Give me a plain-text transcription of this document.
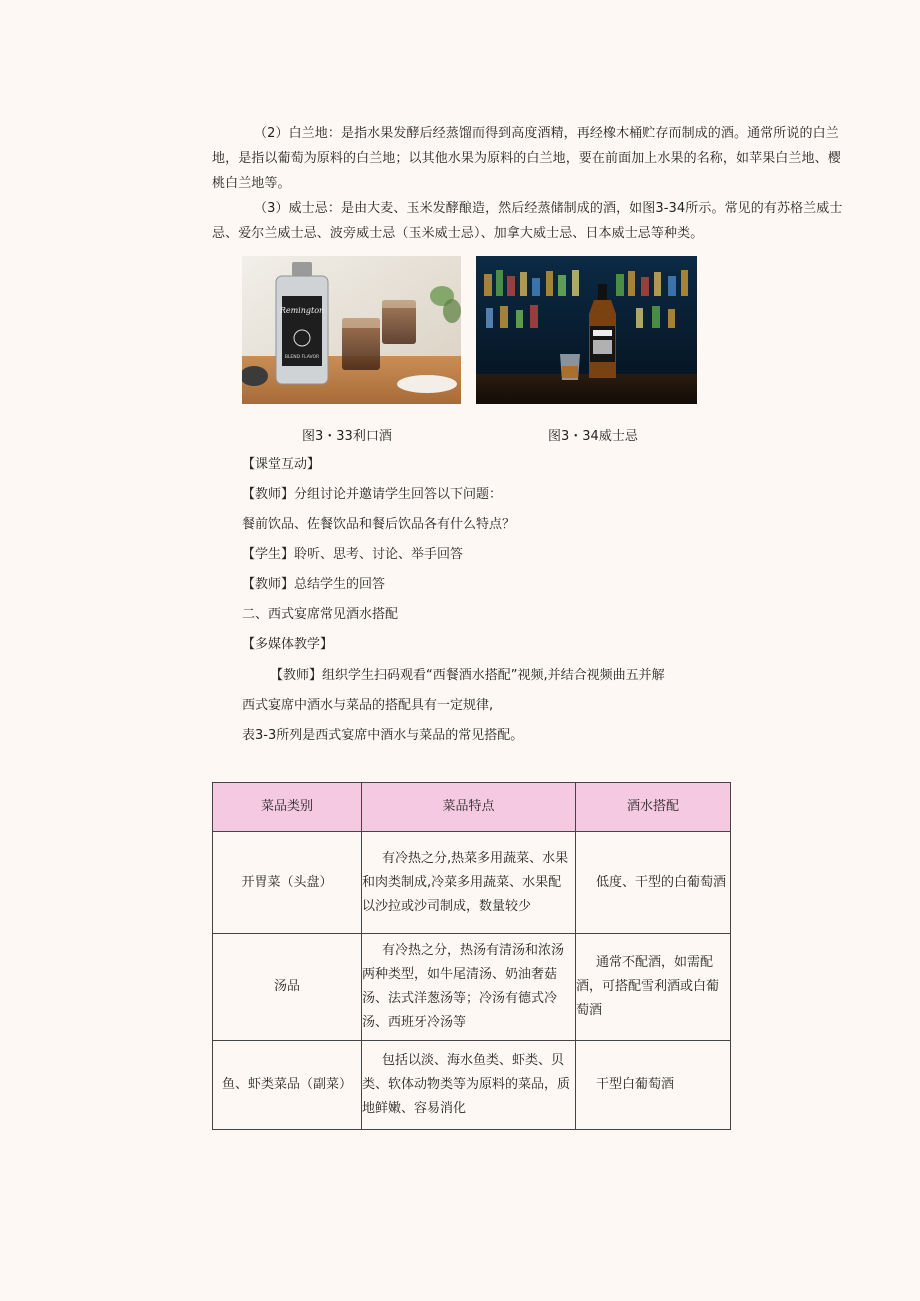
（2）白兰地：是指水果发酵后经蒸馏而得到高度酒精，再经橡木桶贮存而制成的酒。通常所说的白兰地，是指以葡萄为原料的白兰地；以其他水果为原料的白兰地，要在前面加上水果的名称，如苹果白兰地、樱桃白兰地等。

（3）威士忌：是由大麦、玉米发酵酿造，然后经蒸储制成的酒，如图3-34所示。常见的有苏格兰威士忌、爱尔兰威士忌、波旁威士忌（玉米威士忌）、加拿大威士忌、日本威士忌等种类。

Remington
BLEND FLAVOR
图3・33利口酒	图3・34威士忌

【课堂互动】

【教师】分组讨论并邀请学生回答以下问题：

餐前饮品、佐餐饮品和餐后饮品各有什么特点？

【学生】聆听、思考、讨论、举手回答

【教师】总结学生的回答

二、西式宴席常见酒水搭配

【多媒体教学】

【教师】组织学生扫码观看“西餐酒水搭配”视频,并结合视频曲五并解

西式宴席中酒水与菜品的搭配具有一定规律,

表3-3所列是西式宴席中酒水与菜品的常见搭配。

菜品类别	菜品特点	酒水搭配
开胃菜（头盘）	有冷热之分,热菜多用蔬菜、水果和肉类制成,冷菜多用蔬菜、水果配以沙拉或沙司制成，数量较少	低度、干型的白葡萄酒

汤品	有冷热之分，热汤有清汤和浓汤两种类型，如牛尾清汤、奶油奢菇汤、法式洋葱汤等；冷汤有德式冷汤、西班牙冷汤等	通常不配酒，如需配酒，可搭配雪利酒或白葡萄酒

鱼、虾类菜品（副菜）	包括以淡、海水鱼类、虾类、贝类、软体动物类等为原料的菜品，质地鲜嫩、容易消化	干型白葡萄酒
